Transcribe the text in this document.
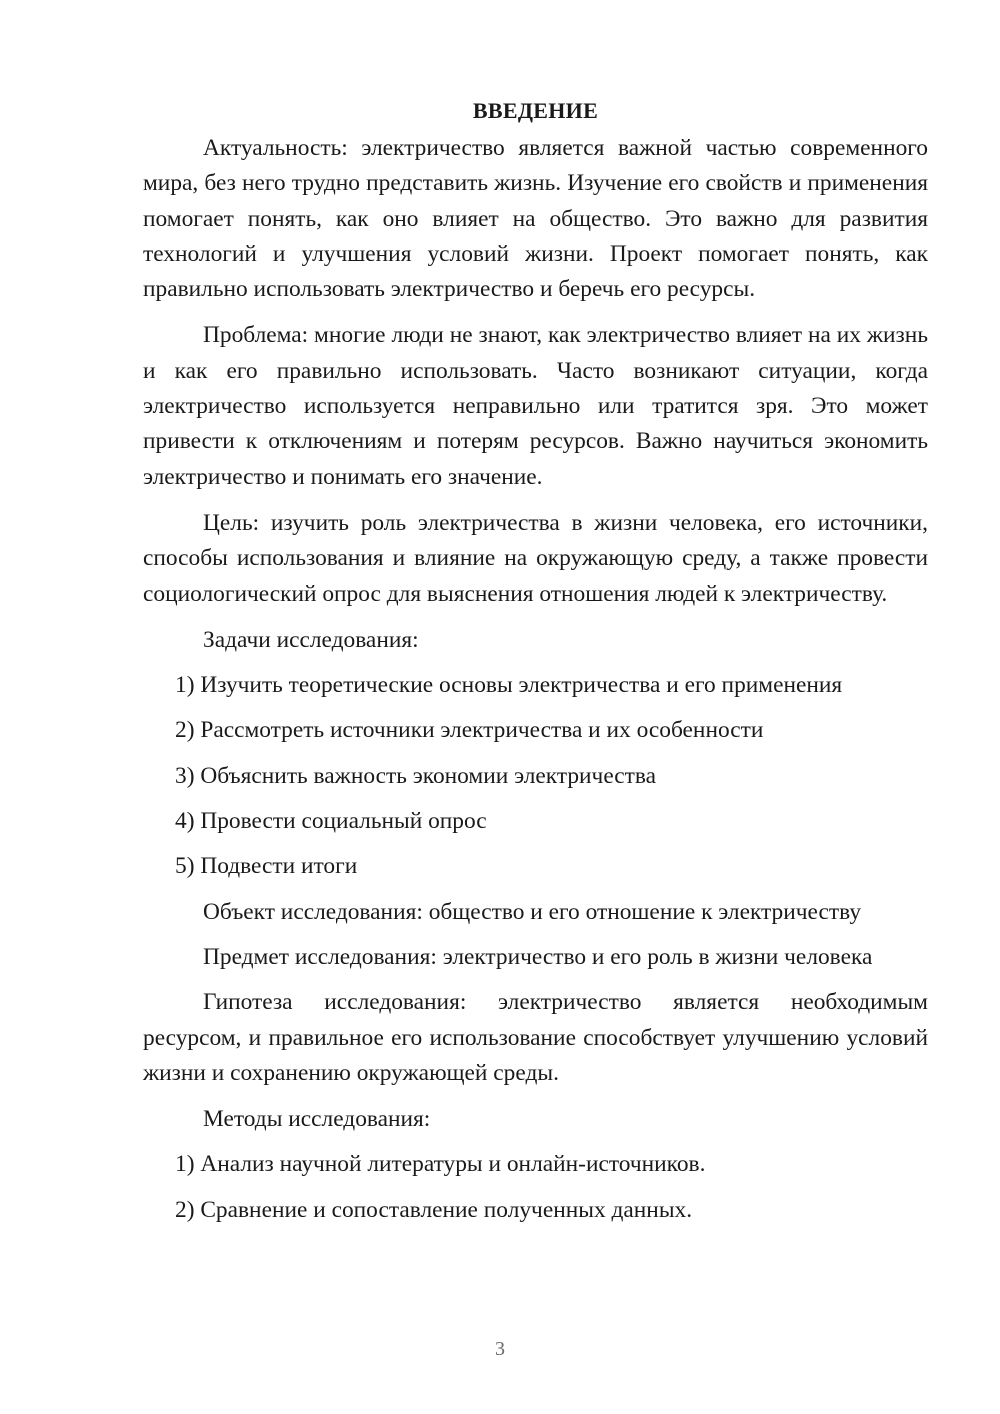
ВВЕДЕНИЕ

Актуальность: электричество является важной частью современного мира, без него трудно представить жизнь. Изучение его свойств и применения помогает понять, как оно влияет на общество. Это важно для развития технологий и улучшения условий жизни. Проект помогает понять, как правильно использовать электричество и беречь его ресурсы.

Проблема: многие люди не знают, как электричество влияет на их жизнь и как его правильно использовать. Часто возникают ситуации, когда электричество используется неправильно или тратится зря. Это может привести к отключениям и потерям ресурсов. Важно научиться экономить электричество и понимать его значение.

Цель: изучить роль электричества в жизни человека, его источники, способы использования и влияние на окружающую среду, а также провести социологический опрос для выяснения отношения людей к электричеству.

Задачи исследования:

1) Изучить теоретические основы электричества и его применения

2) Рассмотреть источники электричества и их особенности

3) Объяснить важность экономии электричества

4) Провести социальный опрос

5) Подвести итоги

Объект исследования: общество и его отношение к электричеству

Предмет исследования: электричество и его роль в жизни человека

Гипотеза исследования: электричество является необходимым ресурсом, и правильное его использование способствует улучшению условий жизни и сохранению окружающей среды.

Методы исследования:

1) Анализ научной литературы и онлайн-источников.

2) Сравнение и сопоставление полученных данных.

3
